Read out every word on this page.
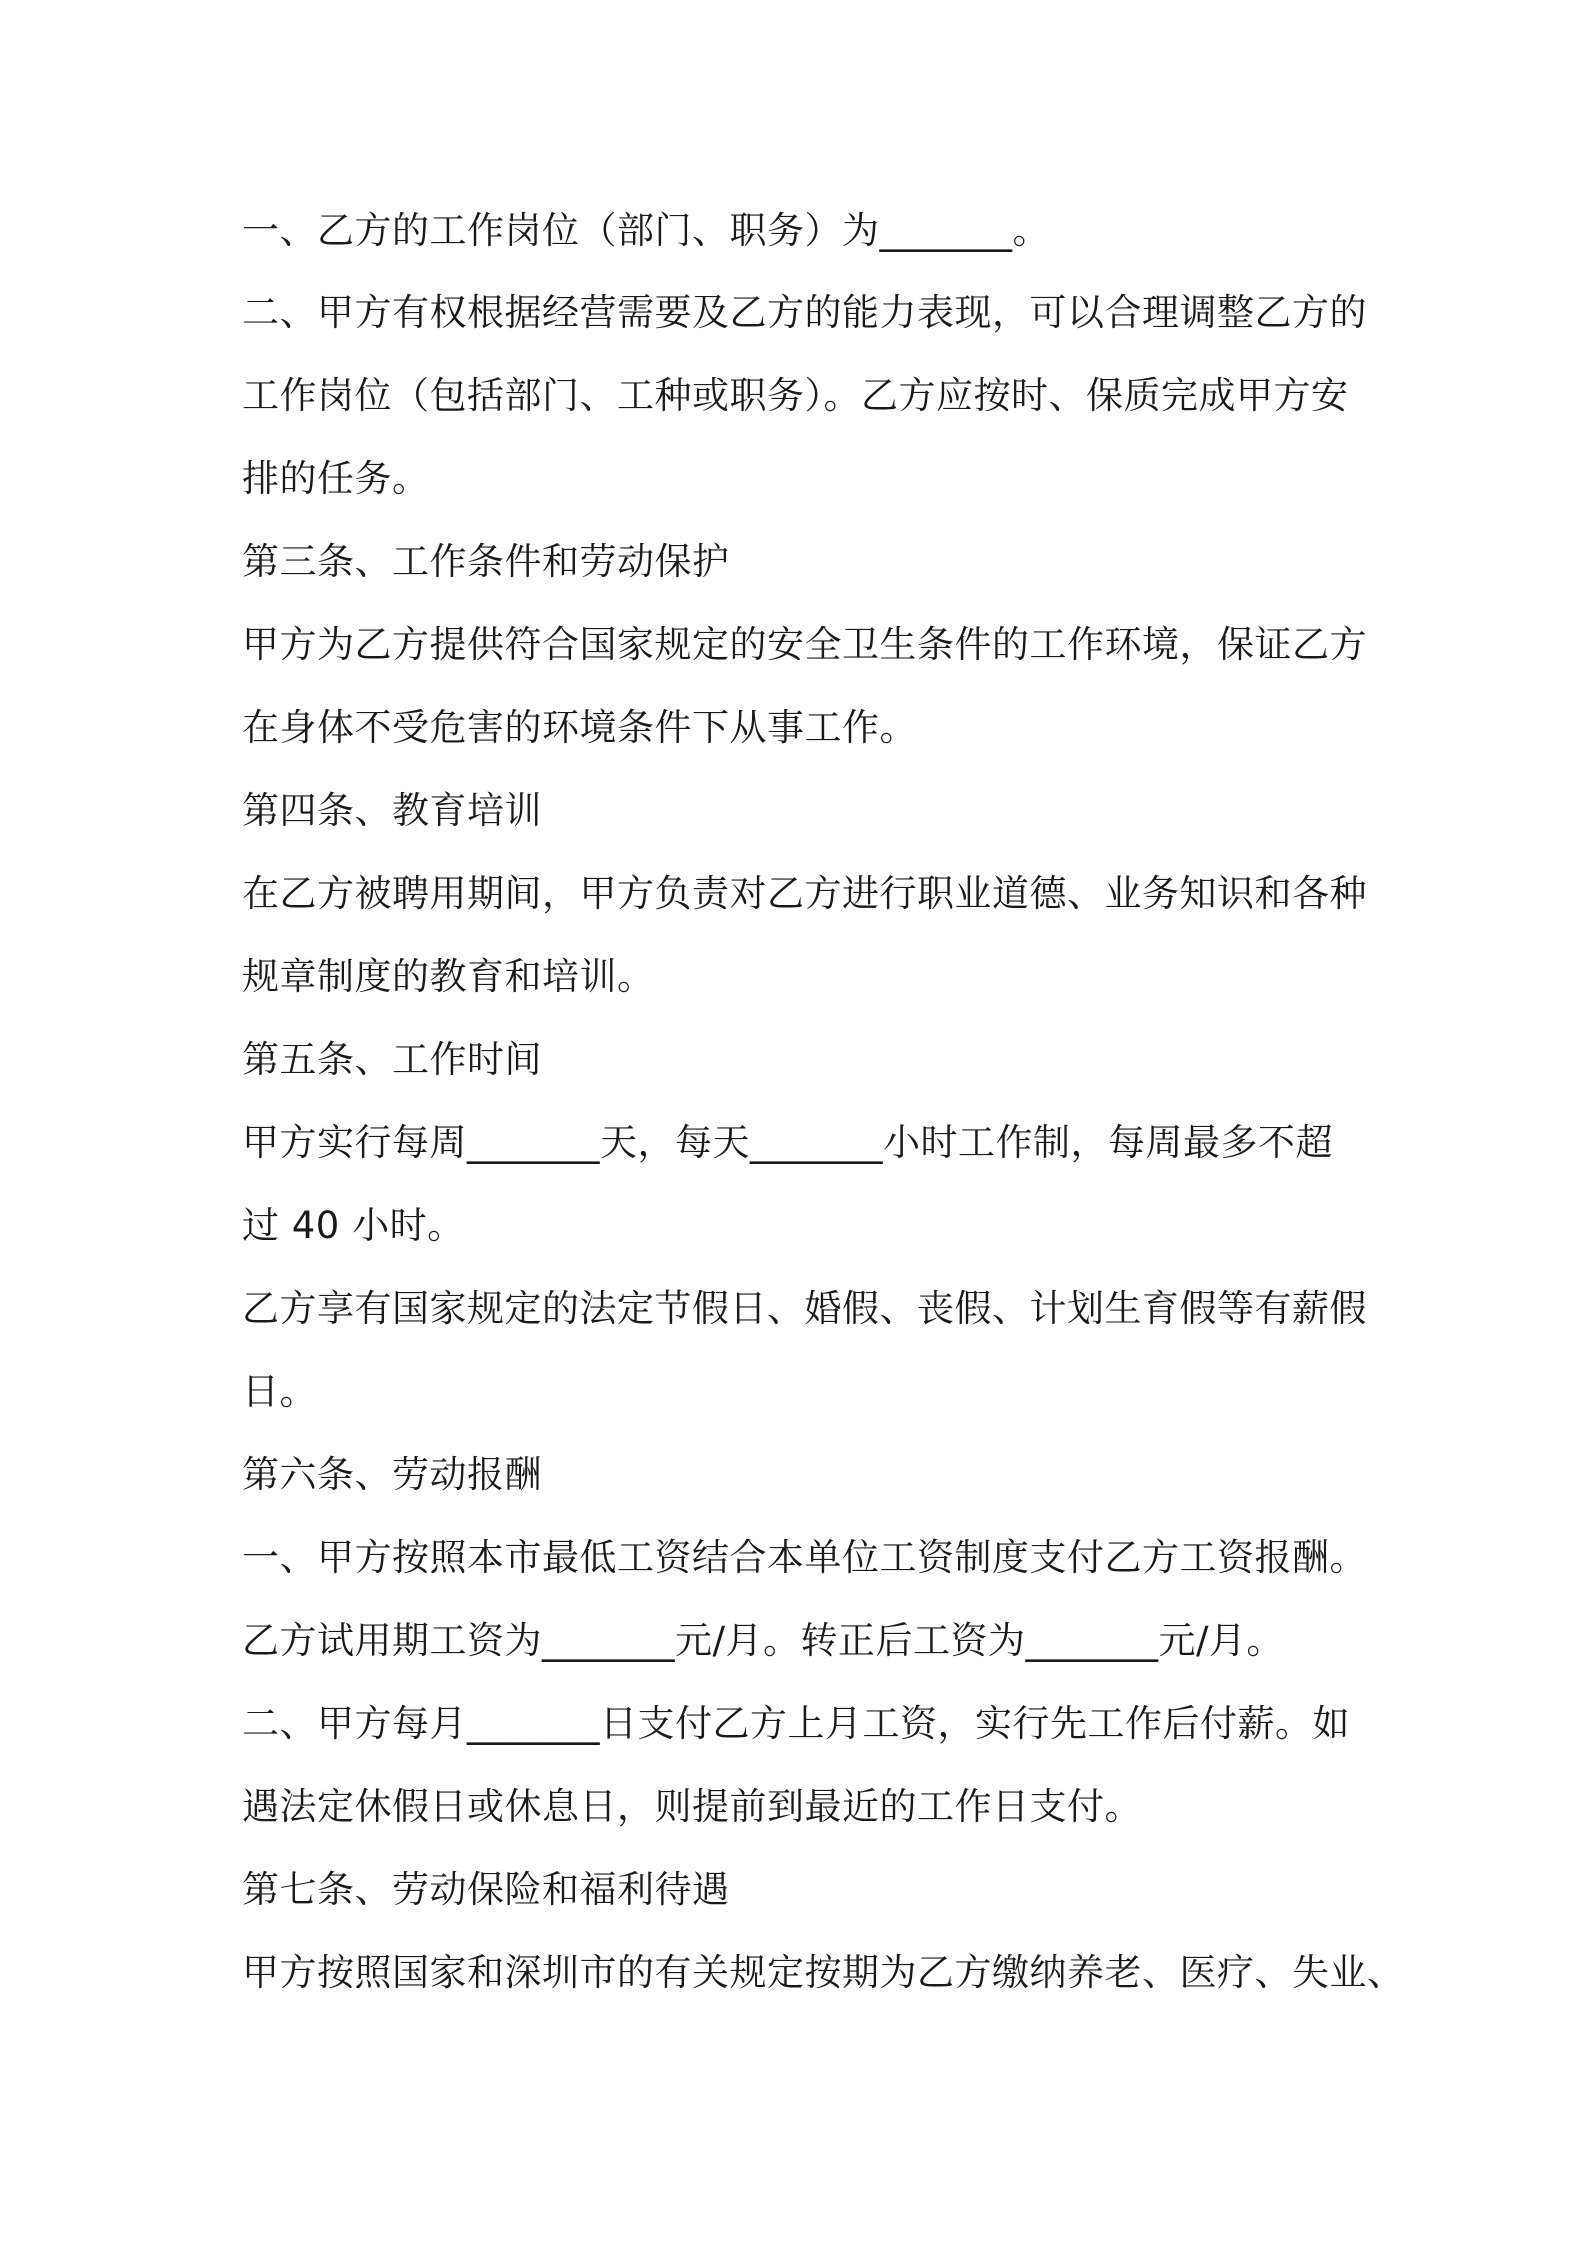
一、乙方的工作岗位（部门、职务）为_______。
二、甲方有权根据经营需要及乙方的能力表现，可以合理调整乙方的
工作岗位（包括部门、工种或职务）。乙方应按时、保质完成甲方安
排的任务。
第三条、工作条件和劳动保护
甲方为乙方提供符合国家规定的安全卫生条件的工作环境，保证乙方
在身体不受危害的环境条件下从事工作。
第四条、教育培训
在乙方被聘用期间，甲方负责对乙方进行职业道德、业务知识和各种
规章制度的教育和培训。
第五条、工作时间
甲方实行每周_______天，每天_______小时工作制，每周最多不超
过 40 小时。
乙方享有国家规定的法定节假日、婚假、丧假、计划生育假等有薪假
日。
第六条、劳动报酬
一、甲方按照本市最低工资结合本单位工资制度支付乙方工资报酬。
乙方试用期工资为_______元/月。转正后工资为_______元/月。
二、甲方每月_______日支付乙方上月工资，实行先工作后付薪。如
遇法定休假日或休息日，则提前到最近的工作日支付。
第七条、劳动保险和福利待遇
甲方按照国家和深圳市的有关规定按期为乙方缴纳养老、医疗、失业、
